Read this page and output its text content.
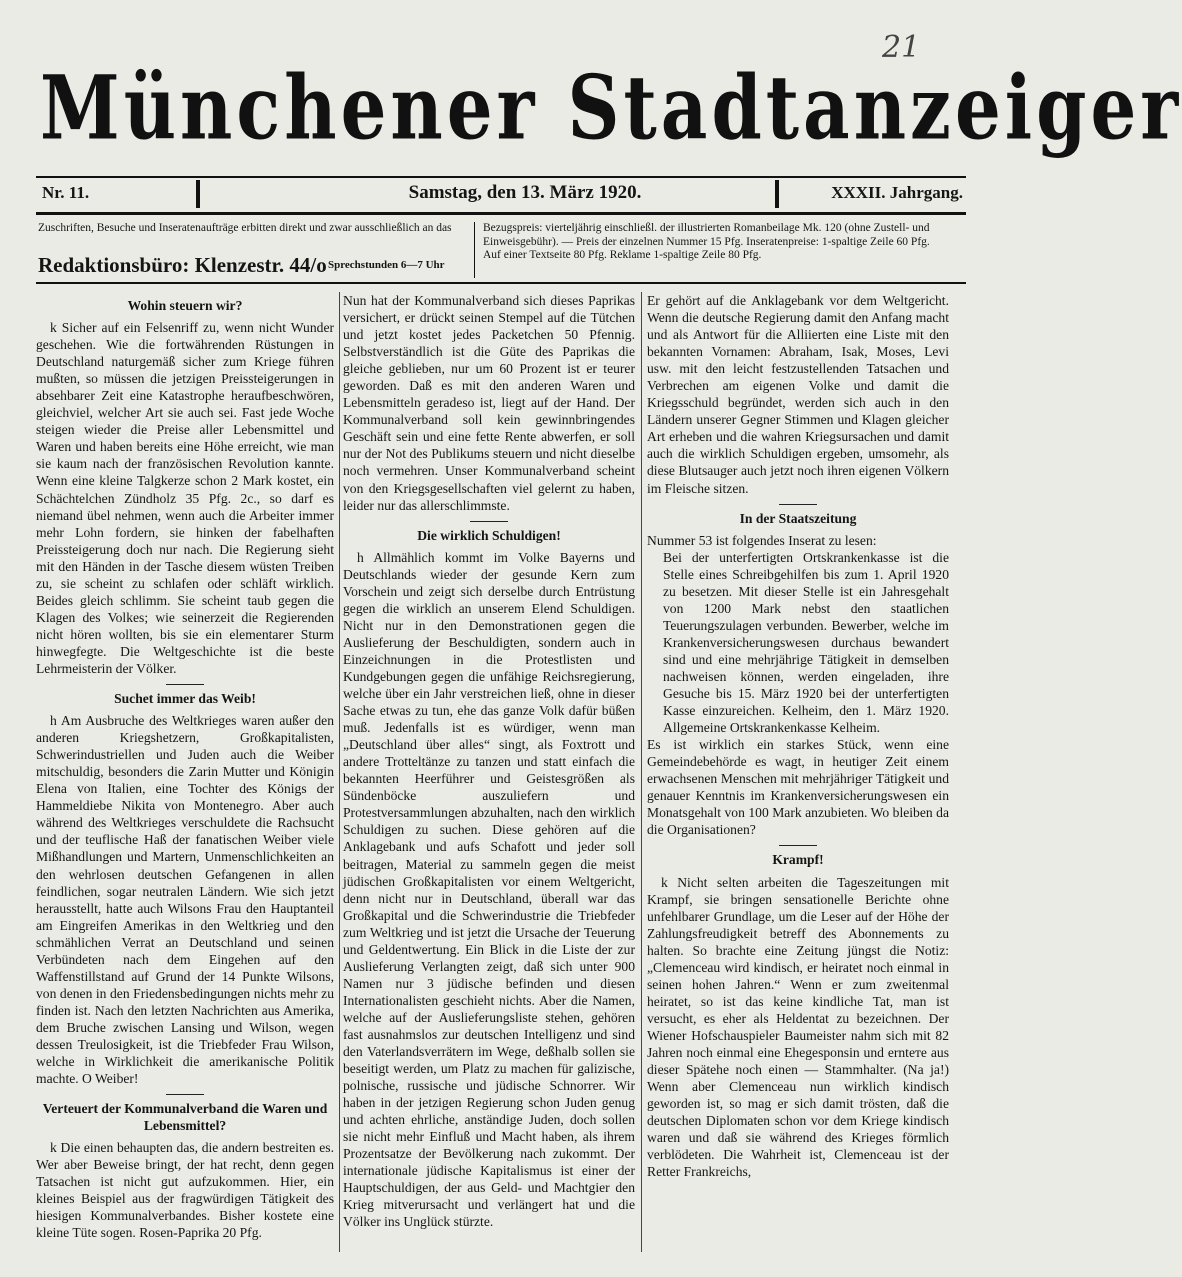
21
Münchener Stadtanzeiger
Nr. 11.	Samstag, den 13. März 1920.	XXXII. Jahrgang.
Zuschriften, Besuche und Inseratenaufträge erbitten direkt und zwar ausschließlich an das
Redaktionsbüro: Klenzestr. 44/o Sprechstunden 6—7 Uhr
Bezugspreis: vierteljährig einschließl. der illustrierten Romanbeilage Mk. 120 (ohne Zustell- und Einweisgebühr). — Preis der einzelnen Nummer 15 Pfg. Inseratenpreise: 1-spaltige Zeile 60 Pfg. Auf einer Textseite 80 Pfg. Reklame 1-spaltige Zeile 80 Pfg.
Wohin steuern wir?

k Sicher auf ein Felsenriff zu, wenn nicht Wunder geschehen. Wie die fortwährenden Rüstungen in Deutschland naturgemäß sicher zum Kriege führen mußten, so müssen die jetzigen Preissteigerungen in absehbarer Zeit eine Katastrophe heraufbeschwören, gleichviel, welcher Art sie auch sei. Fast jede Woche steigen wieder die Preise aller Lebensmittel und Waren und haben bereits eine Höhe erreicht, wie man sie kaum nach der französischen Revolution kannte. Wenn eine kleine Talgkerze schon 2 Mark kostet, ein Schächtelchen Zündholz 35 Pfg. 2c., so darf es niemand übel nehmen, wenn auch die Arbeiter immer mehr Lohn fordern, sie hinken der fabelhaften Preissteigerung doch nur nach. Die Regierung sieht mit den Händen in der Tasche diesem wüsten Treiben zu, sie scheint zu schlafen oder schläft wirklich. Beides gleich schlimm. Sie scheint taub gegen die Klagen des Volkes; wie seinerzeit die Regierenden nicht hören wollten, bis sie ein elementarer Sturm hinwegfegte. Die Weltgeschichte ist die beste Lehrmeisterin der Völker.

Suchet immer das Weib!

h Am Ausbruche des Weltkrieges waren außer den anderen Kriegshetzern, Großkapitalisten, Schwerindustriellen und Juden auch die Weiber mitschuldig, besonders die Zarin Mutter und Königin Elena von Italien, eine Tochter des Königs der Hammeldiebe Nikita von Montenegro. Aber auch während des Weltkrieges verschuldete die Rachsucht und der teuflische Haß der fanatischen Weiber viele Mißhandlungen und Martern, Unmenschlichkeiten an den wehrlosen deutschen Gefangenen in allen feindlichen, sogar neutralen Ländern. Wie sich jetzt herausstellt, hatte auch Wilsons Frau den Hauptanteil am Eingreifen Amerikas in den Weltkrieg und den schmählichen Verrat an Deutschland und seinen Verbündeten nach dem Eingehen auf den Waffenstillstand auf Grund der 14 Punkte Wilsons, von denen in den Friedensbedingungen nichts mehr zu finden ist. Nach den letzten Nachrichten aus Amerika, dem Bruche zwischen Lansing und Wilson, wegen dessen Treulosigkeit, ist die Triebfeder Frau Wilson, welche in Wirklichkeit die amerikanische Politik machte. O Weiber!

Verteuert der Kommunalverband die Waren und Lebensmittel?

k Die einen behaupten das, die andern bestreiten es. Wer aber Beweise bringt, der hat recht, denn gegen Tatsachen ist nicht gut aufzukommen. Hier, ein kleines Beispiel aus der fragwürdigen Tätigkeit des hiesigen Kommunalverbandes. Bisher kostete eine kleine Tüte sogen. Rosen-Paprika 20 Pfg.

Nun hat der Kommunalverband sich dieses Paprikas versichert, er drückt seinen Stempel auf die Tütchen und jetzt kostet jedes Packetchen 50 Pfennig. Selbstverständlich ist die Güte des Paprikas die gleiche geblieben, nur um 60 Prozent ist er teurer geworden. Daß es mit den anderen Waren und Lebensmitteln geradeso ist, liegt auf der Hand. Der Kommunalverband soll kein gewinnbringendes Geschäft sein und eine fette Rente abwerfen, er soll nur der Not des Publikums steuern und nicht dieselbe noch vermehren. Unser Kommunalverband scheint von den Kriegsgesellschaften viel gelernt zu haben, leider nur das allerschlimmste.

Die wirklich Schuldigen!

h Allmählich kommt im Volke Bayerns und Deutschlands wieder der gesunde Kern zum Vorschein und zeigt sich derselbe durch Entrüstung gegen die wirklich an unserem Elend Schuldigen. Nicht nur in den Demonstrationen gegen die Auslieferung der Beschuldigten, sondern auch in Einzeichnungen in die Protestlisten und Kundgebungen gegen die unfähige Reichsregierung, welche über ein Jahr verstreichen ließ, ohne in dieser Sache etwas zu tun, ehe das ganze Volk dafür büßen muß. Jedenfalls ist es würdiger, wenn man „Deutschland über alles“ singt, als Foxtrott und andere Trotteltänze zu tanzen und statt einfach die bekannten Heerführer und Geistesgrößen als Sündenböcke auszuliefern und Protestversammlungen abzuhalten, nach den wirklich Schuldigen zu suchen. Diese gehören auf die Anklagebank und aufs Schafott und jeder soll beitragen, Material zu sammeln gegen die meist jüdischen Großkapitalisten vor einem Weltgericht, denn nicht nur in Deutschland, überall war das Großkapital und die Schwerindustrie die Triebfeder zum Weltkrieg und ist jetzt die Ursache der Teuerung und Geldentwertung. Ein Blick in die Liste der zur Auslieferung Verlangten zeigt, daß sich unter 900 Namen nur 3 jüdische befinden und diesen Internationalisten geschieht nichts. Aber die Namen, welche auf der Auslieferungsliste stehen, gehören fast ausnahmslos zur deutschen Intelligenz und sind den Vaterlandsverrätern im Wege, deßhalb sollen sie beseitigt werden, um Platz zu machen für galizische, polnische, russische und jüdische Schnorrer. Wir haben in der jetzigen Regierung schon Juden genug und achten ehrliche, anständige Juden, doch sollen sie nicht mehr Einfluß und Macht haben, als ihrem Prozentsatze der Bevölkerung nach zukommt. Der internationale jüdische Kapitalismus ist einer der Hauptschuldigen, der aus Geld- und Machtgier den Krieg mitverursacht und verlängert hat und die Völker ins Unglück stürzte.

Er gehört auf die Anklagebank vor dem Weltgericht. Wenn die deutsche Regierung damit den Anfang macht und als Antwort für die Alliierten eine Liste mit den bekannten Vornamen: Abraham, Isak, Moses, Levi usw. mit den leicht festzustellenden Tatsachen und Verbrechen am eigenen Volke und damit die Kriegsschuld begründet, werden sich auch in den Ländern unserer Gegner Stimmen und Klagen gleicher Art erheben und die wahren Kriegsursachen und damit auch die wirklich Schuldigen ergeben, umsomehr, als diese Blutsauger auch jetzt noch ihren eigenen Völkern im Fleische sitzen.

In der Staatszeitung

Nummer 53 ist folgendes Inserat zu lesen:

Bei der unterfertigten Ortskrankenkasse ist die Stelle eines Schreibgehilfen bis zum 1. April 1920 zu besetzen. Mit dieser Stelle ist ein Jahresgehalt von 1200 Mark nebst den staatlichen Teuerungszulagen verbunden. Bewerber, welche im Krankenversicherungswesen durchaus bewandert sind und eine mehrjährige Tätigkeit in demselben nachweisen können, werden eingeladen, ihre Gesuche bis 15. März 1920 bei der unterfertigten Kasse einzureichen. Kelheim, den 1. März 1920. Allgemeine Ortskrankenkasse Kelheim.

Es ist wirklich ein starkes Stück, wenn eine Gemeindebehörde es wagt, in heutiger Zeit einem erwachsenen Menschen mit mehrjähriger Tätigkeit und genauer Kenntnis im Krankenversicherungswesen ein Monatsgehalt von 100 Mark anzubieten. Wo bleiben da die Organisationen?

Krampf!

k Nicht selten arbeiten die Tageszeitungen mit Krampf, sie bringen sensationelle Berichte ohne unfehlbarer Grundlage, um die Leser auf der Höhe der Zahlungsfreudigkeit betreff des Abonnements zu halten. So brachte eine Zeitung jüngst die Notiz: „Clemenceau wird kindisch, er heiratet noch einmal in seinen hohen Jahren.“ Wenn er zum zweitenmal heiratet, so ist das keine kindliche Tat, man ist versucht, es eher als Heldentat zu bezeichnen. Der Wiener Hofschauspieler Baumeister nahm sich mit 82 Jahren noch einmal eine Ehegesponsin und ernteте aus dieser Spätehe noch einen — Stammhalter. (Na ja!) Wenn aber Clemenceau nun wirklich kindisch geworden ist, so mag er sich damit trösten, daß die deutschen Diplomaten schon vor dem Kriege kindisch waren und daß sie während des Krieges förmlich verblödeten. Die Wahrheit ist, Clemenceau ist der Retter Frankreichs,
